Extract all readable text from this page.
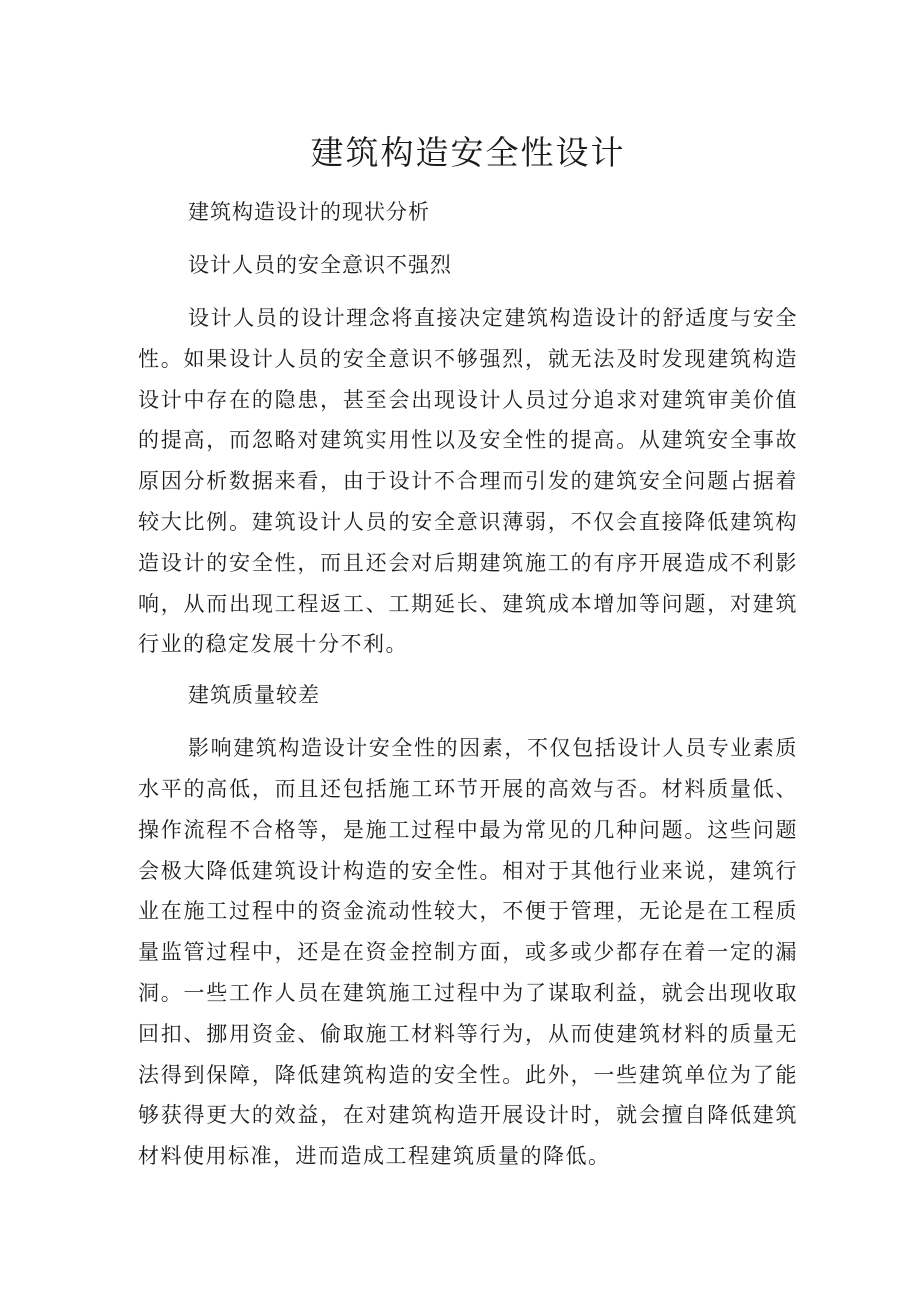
建筑构造安全性设计

建筑构造设计的现状分析

设计人员的安全意识不强烈

设计人员的设计理念将直接决定建筑构造设计的舒适度与安全性。如果设计人员的安全意识不够强烈，就无法及时发现建筑构造设计中存在的隐患，甚至会出现设计人员过分追求对建筑审美价值的提高，而忽略对建筑实用性以及安全性的提高。从建筑安全事故原因分析数据来看，由于设计不合理而引发的建筑安全问题占据着较大比例。建筑设计人员的安全意识薄弱，不仅会直接降低建筑构造设计的安全性，而且还会对后期建筑施工的有序开展造成不利影响，从而出现工程返工、工期延长、建筑成本增加等问题，对建筑行业的稳定发展十分不利。

建筑质量较差

影响建筑构造设计安全性的因素，不仅包括设计人员专业素质水平的高低，而且还包括施工环节开展的高效与否。材料质量低、操作流程不合格等，是施工过程中最为常见的几种问题。这些问题会极大降低建筑设计构造的安全性。相对于其他行业来说，建筑行业在施工过程中的资金流动性较大，不便于管理，无论是在工程质量监管过程中，还是在资金控制方面，或多或少都存在着一定的漏洞。一些工作人员在建筑施工过程中为了谋取利益，就会出现收取回扣、挪用资金、偷取施工材料等行为，从而使建筑材料的质量无法得到保障，降低建筑构造的安全性。此外，一些建筑单位为了能够获得更大的效益，在对建筑构造开展设计时，就会擅自降低建筑材料使用标准，进而造成工程建筑质量的降低。
